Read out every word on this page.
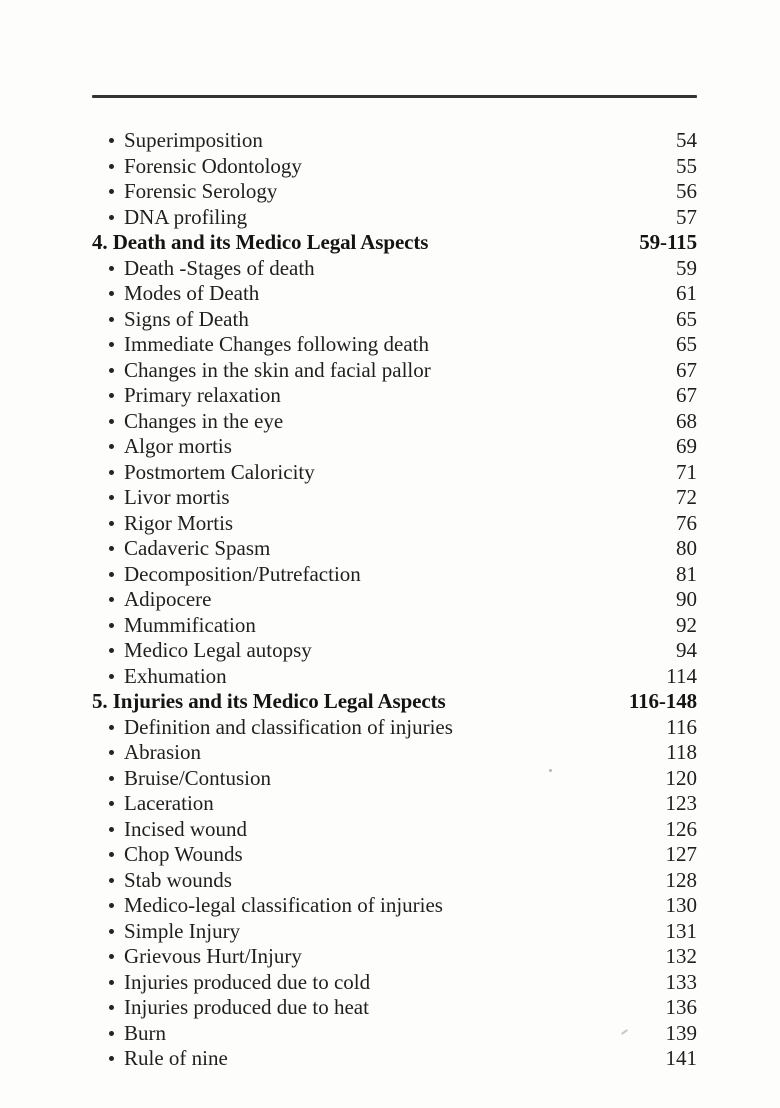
Superimposition	54
Forensic Odontology	55
Forensic Serology	56
DNA profiling	57
4. Death and its Medico Legal Aspects	59-115
Death -Stages of death	59
Modes of Death	61
Signs of Death	65
Immediate Changes following death	65
Changes in the skin and facial pallor	67
Primary relaxation	67
Changes in the eye	68
Algor mortis	69
Postmortem Caloricity	71
Livor mortis	72
Rigor Mortis	76
Cadaveric Spasm	80
Decomposition/Putrefaction	81
Adipocere	90
Mummification	92
Medico Legal autopsy	94
Exhumation	114
5. Injuries and its Medico Legal Aspects	116-148
Definition and classification of injuries	116
Abrasion	118
Bruise/Contusion	120
Laceration	123
Incised wound	126
Chop Wounds	127
Stab wounds	128
Medico-legal classification of injuries	130
Simple Injury	131
Grievous Hurt/Injury	132
Injuries produced due to cold	133
Injuries produced due to heat	136
Burn	139
Rule of nine	141
